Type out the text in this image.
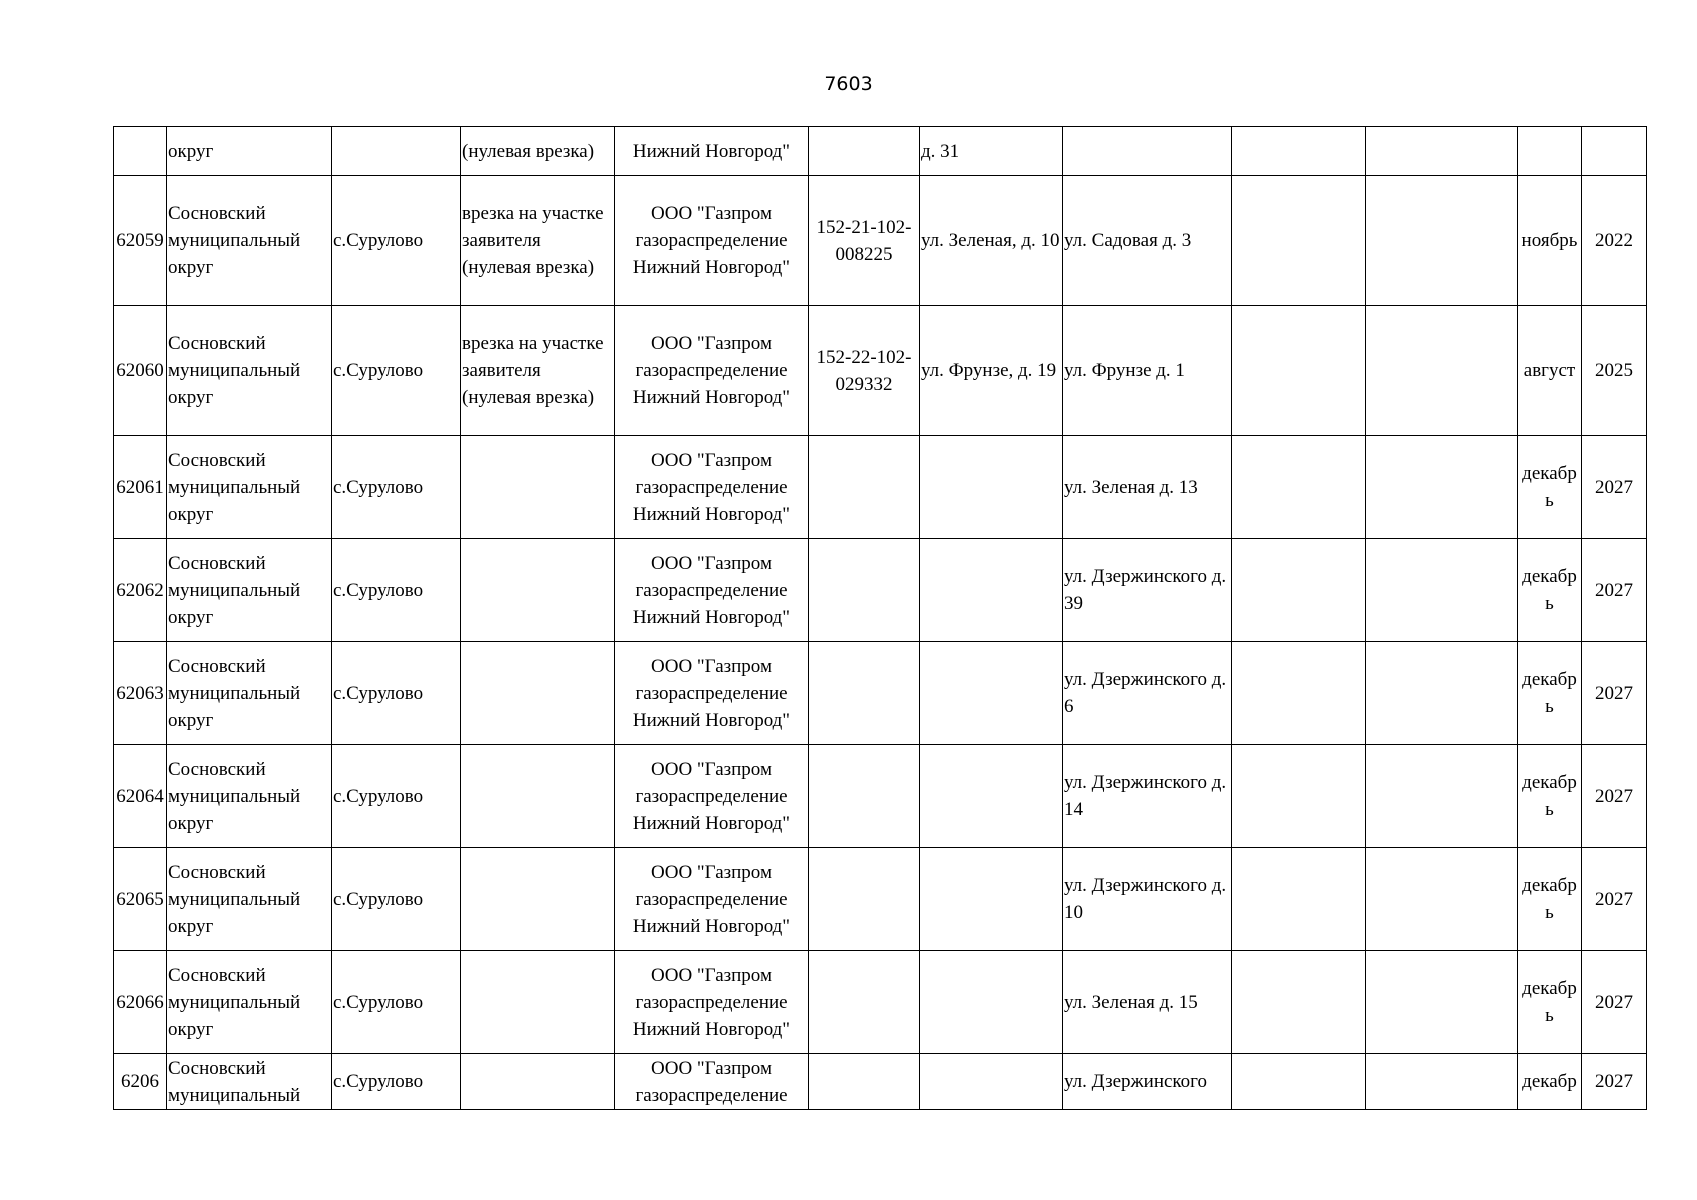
7603
	округ		(нулевая врезка)	Нижний Новгород"		д. 31					
62059	Сосновский муниципальный округ	с.Сурулово	врезка на участке заявителя (нулевая врезка)	ООО "Газпром газораспределение Нижний Новгород"	152-21-102-008225	ул. Зеленая, д. 10	ул. Садовая д. 3			ноябрь	2022
62060	Сосновский муниципальный округ	с.Сурулово	врезка на участке заявителя (нулевая врезка)	ООО "Газпром газораспределение Нижний Новгород"	152-22-102-029332	ул. Фрунзе, д. 19	ул. Фрунзе д. 1			август	2025
62061	Сосновский муниципальный округ	с.Сурулово		ООО "Газпром газораспределение Нижний Новгород"			ул. Зеленая д. 13			декабрь	2027
62062	Сосновский муниципальный округ	с.Сурулово		ООО "Газпром газораспределение Нижний Новгород"			ул. Дзержинского д. 39			декабрь	2027
62063	Сосновский муниципальный округ	с.Сурулово		ООО "Газпром газораспределение Нижний Новгород"			ул. Дзержинского д. 6			декабрь	2027
62064	Сосновский муниципальный округ	с.Сурулово		ООО "Газпром газораспределение Нижний Новгород"			ул. Дзержинского д. 14			декабрь	2027
62065	Сосновский муниципальный округ	с.Сурулово		ООО "Газпром газораспределение Нижний Новгород"			ул. Дзержинского д. 10			декабрь	2027
62066	Сосновский муниципальный округ	с.Сурулово		ООО "Газпром газораспределение Нижний Новгород"			ул. Зеленая д. 15			декабрь	2027
6206	Сосновский муниципальный	с.Сурулово		ООО "Газпром газораспределение			ул. Дзержинского			декабр	2027
